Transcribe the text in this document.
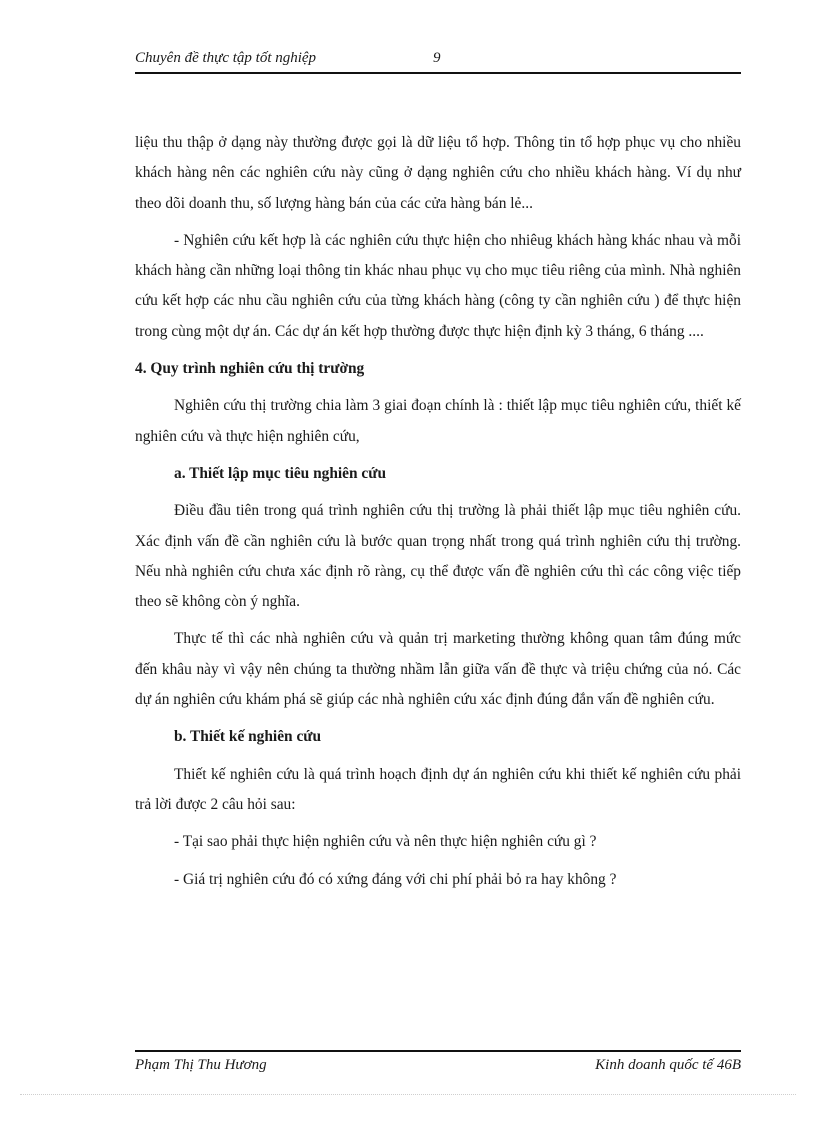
Chuyên đề thực tập tốt nghiệp	9

liệu thu thập ở dạng này thường được gọi là dữ liệu tổ hợp. Thông tin tổ hợp phục vụ cho nhiều khách hàng nên các nghiên cứu này cũng ở dạng nghiên cứu cho nhiều khách hàng. Ví dụ như theo dõi doanh thu, số lượng hàng bán của các cửa hàng bán lẻ...

- Nghiên cứu kết hợp là các nghiên cứu thực hiện cho nhiêug khách hàng khác nhau và mỗi khách hàng cần những loại thông tin khác nhau phục vụ cho mục tiêu riêng của mình. Nhà nghiên cứu kết hợp các nhu cầu nghiên cứu của từng khách hàng (công ty cần nghiên cứu ) để thực hiện trong cùng một dự án. Các dự án kết hợp thường được thực hiện định kỳ 3 tháng, 6 tháng ....

4. Quy trình nghiên cứu thị trường

Nghiên cứu thị trường chia làm 3 giai đoạn chính là : thiết lập mục tiêu nghiên cứu, thiết kế nghiên cứu và thực hiện nghiên cứu,

a. Thiết lập mục tiêu nghiên cứu

Điều đầu tiên trong quá trình nghiên cứu thị trường là phải thiết lập mục tiêu nghiên cứu. Xác định vấn đề cần nghiên cứu là bước quan trọng nhất trong quá trình nghiên cứu thị trường. Nếu nhà nghiên cứu chưa xác định rõ ràng, cụ thể được vấn đề nghiên cứu thì các công việc tiếp theo sẽ không còn ý nghĩa.

Thực tế thì các nhà nghiên cứu và quản trị marketing thường không quan tâm đúng mức đến khâu này vì vậy nên chúng ta thường nhầm lẫn giữa vấn đề thực và triệu chứng của nó. Các dự án nghiên cứu khám phá sẽ giúp các nhà nghiên cứu xác định đúng đắn vấn đề nghiên cứu.

b. Thiết kế nghiên cứu

Thiết kế nghiên cứu là quá trình hoạch định dự án nghiên cứu khi thiết kế nghiên cứu phải trả lời được 2 câu hỏi sau:

- Tại sao phải thực hiện nghiên cứu và nên thực hiện nghiên cứu gì ?

- Giá trị nghiên cứu đó có xứng đáng với chi phí phải bỏ ra hay không ?

Phạm Thị Thu Hương	Kinh doanh quốc tế 46B
